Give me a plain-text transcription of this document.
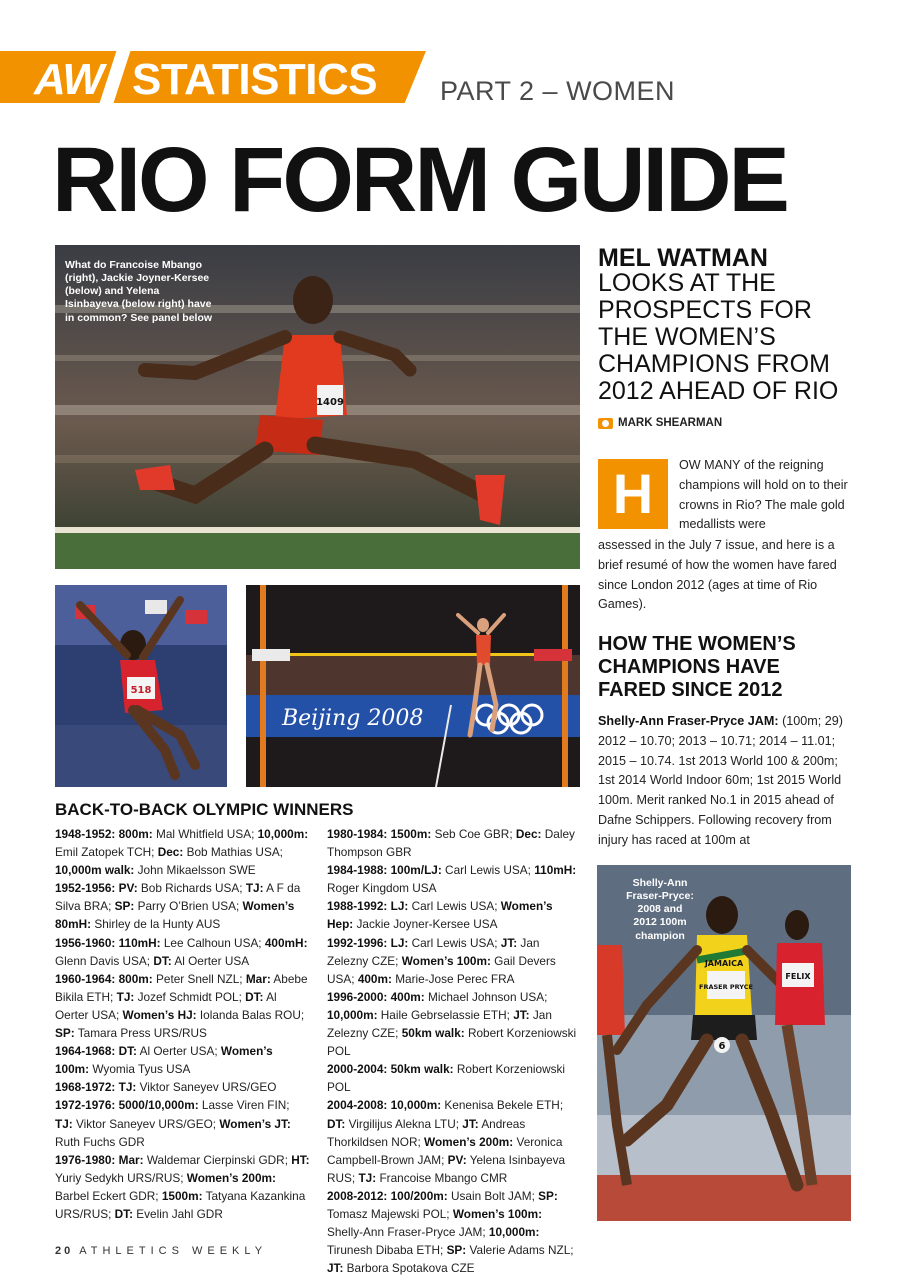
AW STATISTICS PART 2 – WOMEN
RIO FORM GUIDE
1409
What do Francoise Mbango (right), Jackie Joyner-Kersee (below) and Yelena Isinbayeva (below right) have in common? See panel below
518
Beijing 2008
MEL WATMAN
LOOKS AT THE PROSPECTS FOR THE WOMEN’S CHAMPIONS FROM 2012 AHEAD OF RIO
MARK SHEARMAN
H	OW MANY of the reigning champions will hold on to their crowns in Rio? The male gold medallists were

assessed in the July 7 issue, and here is a brief resumé of how the women have fared since London 2012 (ages at time of Rio Games).

HOW THE WOMEN’S CHAMPIONS HAVE FARED SINCE 2012

Shelly-Ann Fraser-Pryce JAM: (100m; 29) 2012 – 10.70; 2013 – 10.71; 2014 – 11.01; 2015 – 10.74. 1st 2013 World 100 & 200m; 1st 2014 World Indoor 60m; 1st 2015 World 100m. Merit ranked No.1 in 2015 ahead of Dafne Schippers. Following recovery from injury has raced at 100m at

JAMAICA
FRASER PRYCE
6
FELIX
Shelly-Ann Fraser-Pryce: 2008 and 2012 100m champion
BACK-TO-BACK OLYMPIC WINNERS

1948-1952: 800m: Mal Whitfield USA; 10,000m: Emil Zatopek TCH; Dec: Bob Mathias USA; 10,000m walk: John Mikaelsson SWE

1952-1956: PV: Bob Richards USA; TJ: A F da Silva BRA; SP: Parry O’Brien USA; Women’s 80mH: Shirley de la Hunty AUS

1956-1960: 110mH: Lee Calhoun USA; 400mH: Glenn Davis USA; DT: Al Oerter USA

1960-1964: 800m: Peter Snell NZL; Mar: Abebe Bikila ETH; TJ: Jozef Schmidt POL; DT: Al Oerter USA; Women’s HJ: Iolanda Balas ROU; SP: Tamara Press URS/RUS

1964-1968: DT: Al Oerter USA; Women’s 100m: Wyomia Tyus USA

1968-1972: TJ: Viktor Saneyev URS/GEO

1972-1976: 5000/10,000m: Lasse Viren FIN; TJ: Viktor Saneyev URS/GEO; Women’s JT: Ruth Fuchs GDR

1976-1980: Mar: Waldemar Cierpinski GDR; HT: Yuriy Sedykh URS/RUS; Women’s 200m: Barbel Eckert GDR; 1500m: Tatyana Kazankina URS/RUS; DT: Evelin Jahl GDR

1980-1984: 1500m: Seb Coe GBR; Dec: Daley Thompson GBR

1984-1988: 100m/LJ: Carl Lewis USA; 110mH: Roger Kingdom USA

1988-1992: LJ: Carl Lewis USA; Women’s Hep: Jackie Joyner-Kersee USA

1992-1996: LJ: Carl Lewis USA; JT: Jan Zelezny CZE; Women’s 100m: Gail Devers USA; 400m: Marie-Jose Perec FRA

1996-2000: 400m: Michael Johnson USA; 10,000m: Haile Gebrselassie ETH; JT: Jan Zelezny CZE; 50km walk: Robert Korzeniowski POL

2000-2004: 50km walk: Robert Korzeniowski POL

2004-2008: 10,000m: Kenenisa Bekele ETH; DT: Virgilijus Alekna LTU; JT: Andreas Thorkildsen NOR; Women’s 200m: Veronica Campbell-Brown JAM; PV: Yelena Isinbayeva RUS; TJ: Francoise Mbango CMR

2008-2012: 100/200m: Usain Bolt JAM; SP: Tomasz Majewski POL; Women’s 100m: Shelly-Ann Fraser-Pryce JAM; 10,000m: Tirunesh Dibaba ETH; SP: Valerie Adams NZL; JT: Barbora Spotakova CZE

20 ATHLETICS WEEKLY
